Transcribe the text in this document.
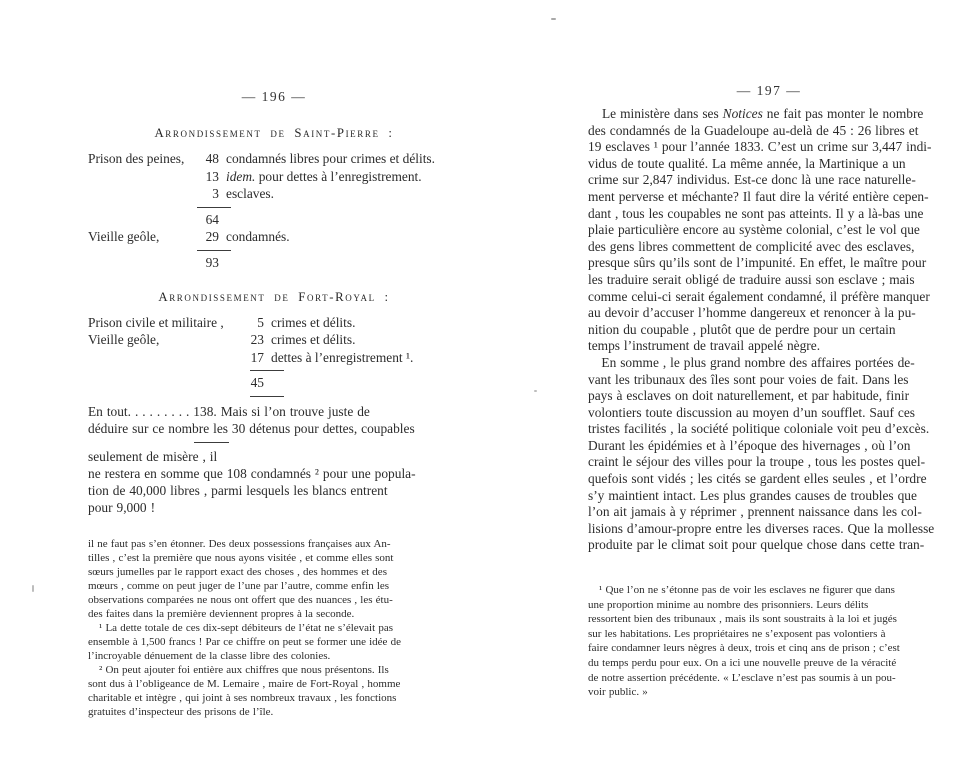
— 196 —
Arrondissement de Saint-Pierre :
Prison des peines, 48 condamnés libres pour crimes et délits.
13 idem. pour dettes à l’enregistrement.
3 esclaves.
64
Vieille geôle,	29 condamnés.
93
Arrondissement de Fort-Royal :
Prison civile et militaire ,	5 crimes et délits.
Vieille geôle,	23 crimes et délits.
17 dettes à l’enregistrement ¹.
45
En tout. . . . . . . . . 138. Mais si l’on trouve juste de
déduire sur ce nombre les 30 détenus pour dettes, coupables
seulement de misère , il
ne restera en somme que 108 condamnés ² pour une popula-
tion de 40,000 libres , parmi lesquels les blancs entrent
pour 9,000 !
il ne faut pas s’en étonner. Des deux possessions françaises aux An-
tilles , c’est la première que nous ayons visitée , et comme elles sont
sœurs jumelles par le rapport exact des choses , des hommes et des
mœurs , comme on peut juger de l’une par l’autre, comme enfin les
observations comparées ne nous ont offert que des nuances , les étu-
des faites dans la première deviennent propres à la seconde.
 ¹ La dette totale de ces dix-sept débiteurs de l’état ne s’élevait pas
ensemble à 1,500 francs ! Par ce chiffre on peut se former une idée de
l’incroyable dénuement de la classe libre des colonies.
 ² On peut ajouter foi entière aux chiffres que nous présentons. Ils
sont dus à l’obligeance de M. Lemaire , maire de Fort-Royal , homme
charitable et intègre , qui joint à ses nombreux travaux , les fonctions
gratuites d’inspecteur des prisons de l’île.
— 197 —
Le ministère dans ses Notices ne fait pas monter le nombre
des condamnés de la Guadeloupe au-delà de 45 : 26 libres et
19 esclaves ¹ pour l’année 1833. C’est un crime sur 3,447 indi-
vidus de toute qualité. La même année, la Martinique a un
crime sur 2,847 individus. Est-ce donc là une race naturelle-
ment perverse et méchante? Il faut dire la vérité entière cepen-
dant , tous les coupables ne sont pas atteints. Il y a là-bas une
plaie particulière encore au système colonial, c’est le vol que
des gens libres commettent de complicité avec des esclaves,
presque sûrs qu’ils sont de l’impunité. En effet, le maître pour
les traduire serait obligé de traduire aussi son esclave ; mais
comme celui-ci serait également condamné, il préfère manquer
au devoir d’accuser l’homme dangereux et renoncer à la pu-
nition du coupable , plutôt que de perdre pour un certain
temps l’instrument de travail appelé nègre.
 En somme , le plus grand nombre des affaires portées de-
vant les tribunaux des îles sont pour voies de fait. Dans les
pays à esclaves on doit naturellement, et par habitude, finir
volontiers toute discussion au moyen d’un soufflet. Sauf ces
tristes facilités , la société politique coloniale voit peu d’excès.
Durant les épidémies et à l’époque des hivernages , où l’on
craint le séjour des villes pour la troupe , tous les postes quel-
quefois sont vidés ; les cités se gardent elles seules , et l’ordre
s’y maintient intact. Les plus grandes causes de troubles que
l’on ait jamais à y réprimer , prennent naissance dans les col-
lisions d’amour-propre entre les diverses races. Que la mollesse
produite par le climat soit pour quelque chose dans cette tran-
 ¹ Que l’on ne s’étonne pas de voir les esclaves ne figurer que dans
une proportion minime au nombre des prisonniers. Leurs délits
ressortent bien des tribunaux , mais ils sont soustraits à la loi et jugés
sur les habitations. Les propriétaires ne s’exposent pas volontiers à
faire condamner leurs nègres à deux, trois et cinq ans de prison ; c’est
du temps perdu pour eux. On a ici une nouvelle preuve de la véracité
de notre assertion précédente. « L’esclave n’est pas soumis à un pou-
voir public. »
